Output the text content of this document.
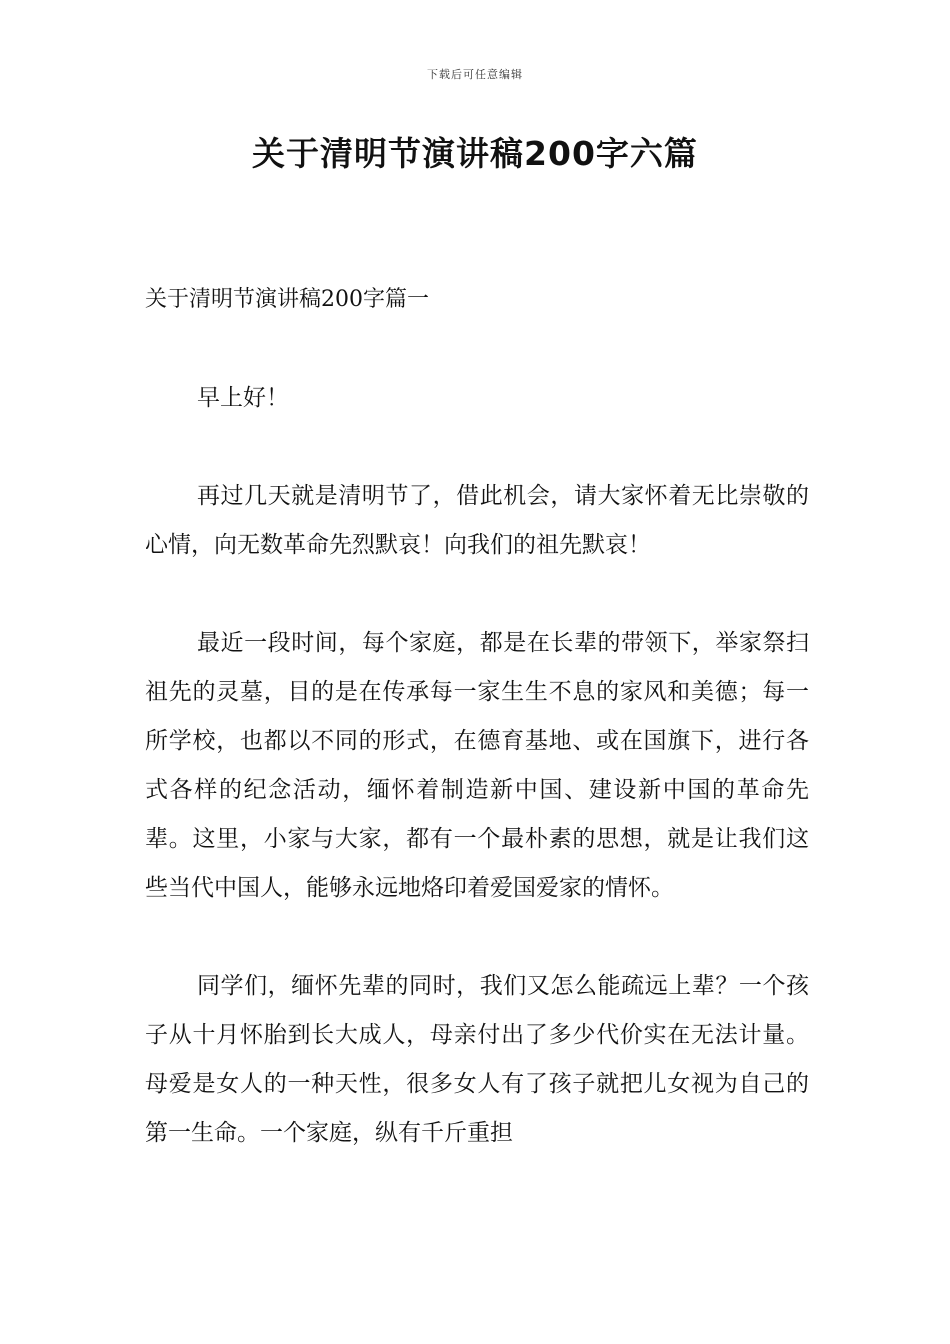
下载后可任意编辑
关于清明节演讲稿200字六篇

关于清明节演讲稿200字篇一

早上好！

再过几天就是清明节了，借此机会，请大家怀着无比崇敬的心情，向无数革命先烈默哀！向我们的祖先默哀！

最近一段时间，每个家庭，都是在长辈的带领下，举家祭扫祖先的灵墓，目的是在传承每一家生生不息的家风和美德；每一所学校，也都以不同的形式，在德育基地、或在国旗下，进行各式各样的纪念活动，缅怀着制造新中国、建设新中国的革命先辈。这里，小家与大家，都有一个最朴素的思想，就是让我们这些当代中国人，能够永远地烙印着爱国爱家的情怀。

同学们，缅怀先辈的同时，我们又怎么能疏远上辈？一个孩子从十月怀胎到长大成人，母亲付出了多少代价实在无法计量。母爱是女人的一种天性，很多女人有了孩子就把儿女视为自己的第一生命。一个家庭，纵有千斤重担
